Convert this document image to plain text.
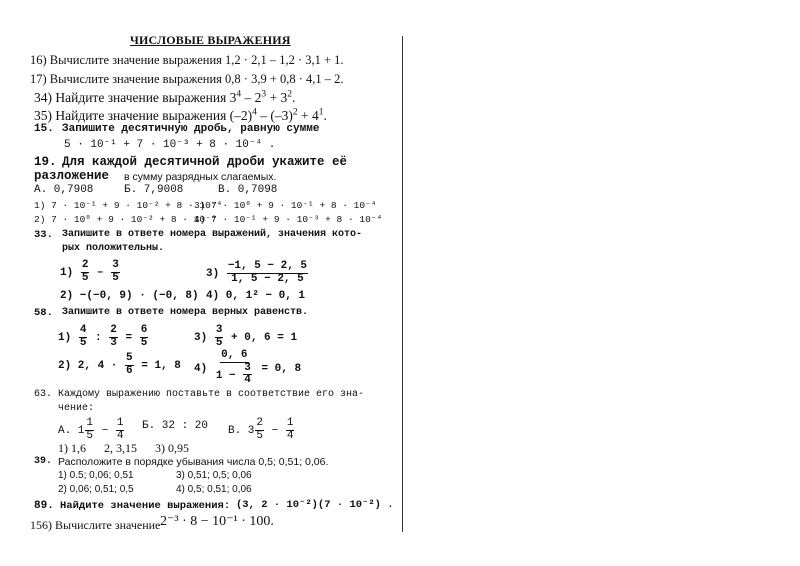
ЧИСЛОВЫЕ ВЫРАЖЕНИЯ
16) Вычислите значение выражения 1,2 · 2,1 – 1,2 · 3,1 + 1.
17) Вычислите значение выражения 0,8 · 3,9 + 0,8 · 4,1 – 2.
34) Найдите значение выражения $3^4 - 2^3 + 3^2$.
35) Найдите значение выражения $(-2)^4 - (-3)^2 + 4^1$.
15. Запишите десятичную дробь, равную сумме
5 · 10⁻¹ + 7 · 10⁻³ + 8 · 10⁻⁴ .
19. Для каждой десятичной дроби укажите её
разложение в сумму разрядных слагаемых.
А. 0,7908	Б. 7,9008	В. 0,7098
1) 7 · 10⁻¹ + 9 · 10⁻² + 8 · 10⁻⁴
3) 7 · 10⁰ + 9 · 10⁻¹ + 8 · 10⁻⁴
2) 7 · 10⁰ + 9 · 10⁻² + 8 · 10⁻⁴
4) 7 · 10⁻¹ + 9 · 10⁻³ + 8 · 10⁻⁴
33. Запишите в ответе номера выражений, значения кото-
рых положительны.
$1) \frac{2}{5} - \frac{3}{5}$	$3) \frac{-1, 5 - 2, 5}{1, 5 - 2, 5}$
2) −(−0, 9) · (−0, 8) 4) 0, 1² − 0, 1
58. Запишите в ответе номера верных равенств.
$1) \frac{4}{5}$ : $\frac{2}{3} = \frac{6}{5}$	$3) \frac{3}{5} + 0$, 6 = 1
2) 2, $4 \cdot \frac{5}{6} = 1$, 8 $4) \frac{0, 6}{1 - \frac{3}{4}} = 0$, 8
63. Каждому выражению поставьте в соответствие его зна-
чение:
А. $1 \frac{1}{5} - \frac{1}{4} Б$. 32 : 20 В. $3 \frac{2}{5} - \frac{1}{4}$
1) 1,6      2, 3,15      3) 0,95
39. Расположите в порядке убывания числа 0,5; 0,51; 0,06.
1) 0.5; 0,06; 0,51	3) 0,51; 0,5; 0,06
2) 0,06; 0,51; 0,5	4) 0,5; 0,51; 0,06
89. Найдите значение выражения: (3, 2 · 10⁻²)(7 · 10⁻²) .
156) Вычислите значение 2⁻³ · 8 − 10⁻¹ · 100.
